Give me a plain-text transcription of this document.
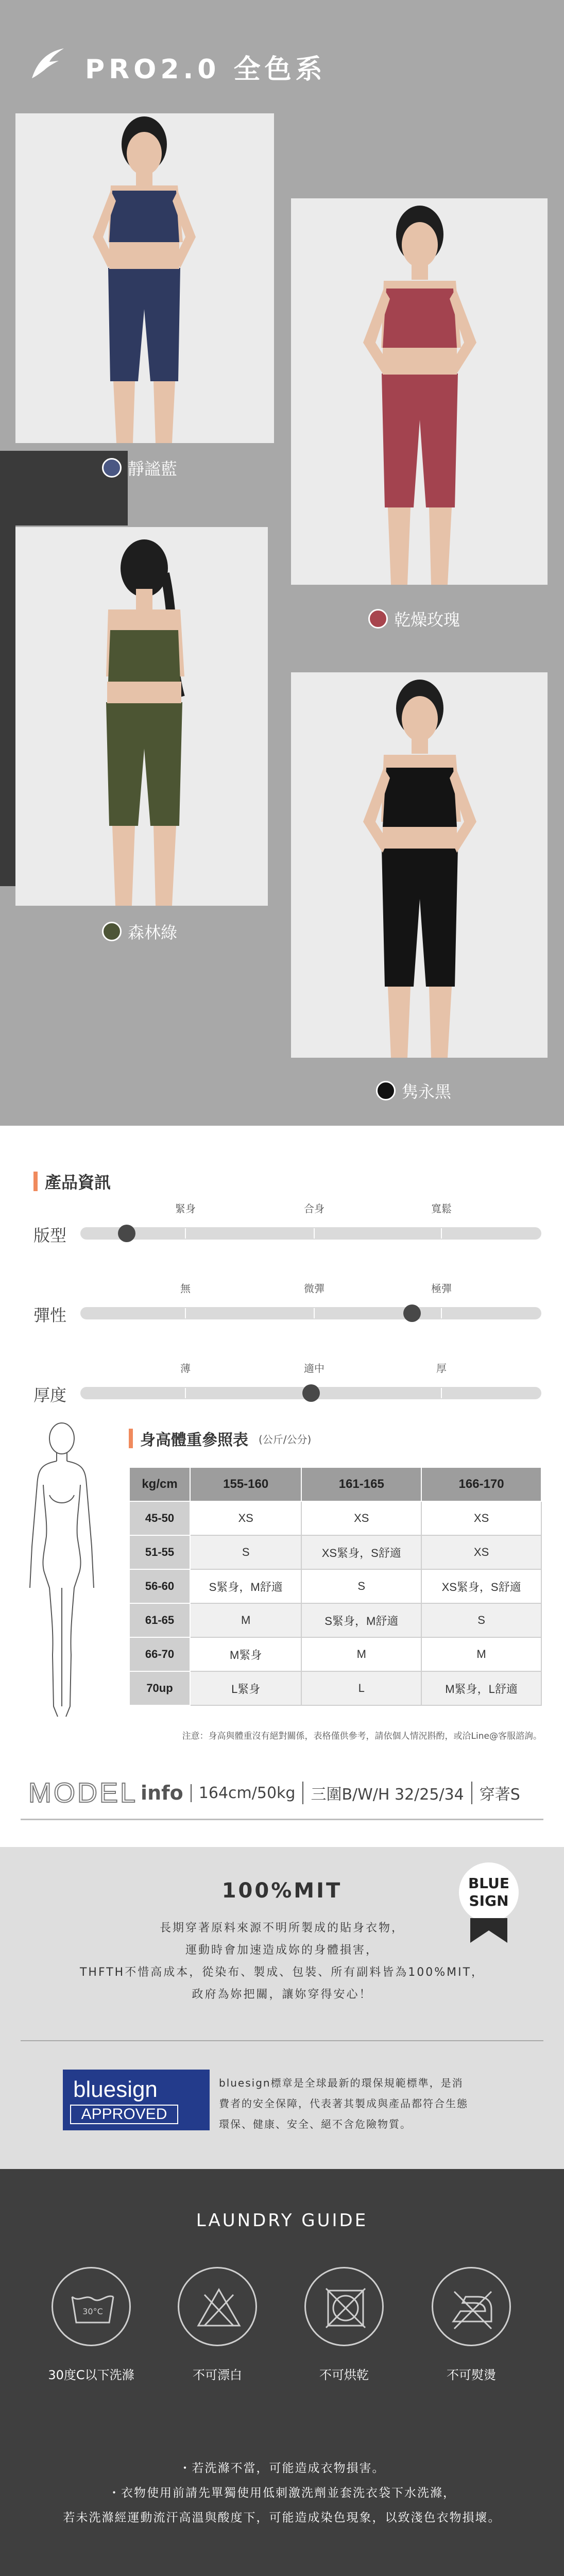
PRO2.0 全色系
靜謐藍
乾燥玫瑰
森林綠
隽永黑
產品資訊
版型
緊身	合身	寬鬆
彈性
無	微彈	極彈
厚度
薄	適中	厚
身高體重參照表 (公斤/公分)
kg/cm	155-160	161-165	166-170
45-50	XS	XS	XS
51-55	S	XS緊身，S舒適	XS
56-60	S緊身，M舒適	S	XS緊身，S舒適
61-65	M	S緊身，M舒適	S
66-70	M緊身	M	M
70up	L緊身	L	M緊身，L舒適
注意：身高與體重沒有絕對關係，表格僅供參考，請依個人情況斟酌，或洽Line@客服諮詢。
MODEL info	164cm/50kg	三圍B/W/H 32/25/34	穿著S
100%MIT
長期穿著原料來源不明所製成的貼身衣物，
運動時會加速造成妳的身體損害，
THFTH不惜高成本，從染布、製成、包裝、所有副料皆為100%MIT，
政府為妳把關，讓妳穿得安心！
BLUE
SIGN
bluesign
APPROVED
bluesign標章是全球最新的環保規範標準，是消
費者的安全保障，代表著其製成與產品都符合生態
環保、健康、安全、絕不含危險物質。
LAUNDRY GUIDE
30°C
30度C以下洗滌	不可漂白	不可烘乾	不可熨燙
・若洗滌不當，可能造成衣物損害。
・衣物使用前請先單獨使用低刺激洗劑並套洗衣袋下水洗滌，
若未洗滌經運動流汗高溫與酸度下，可能造成染色現象，以致淺色衣物損壞。
